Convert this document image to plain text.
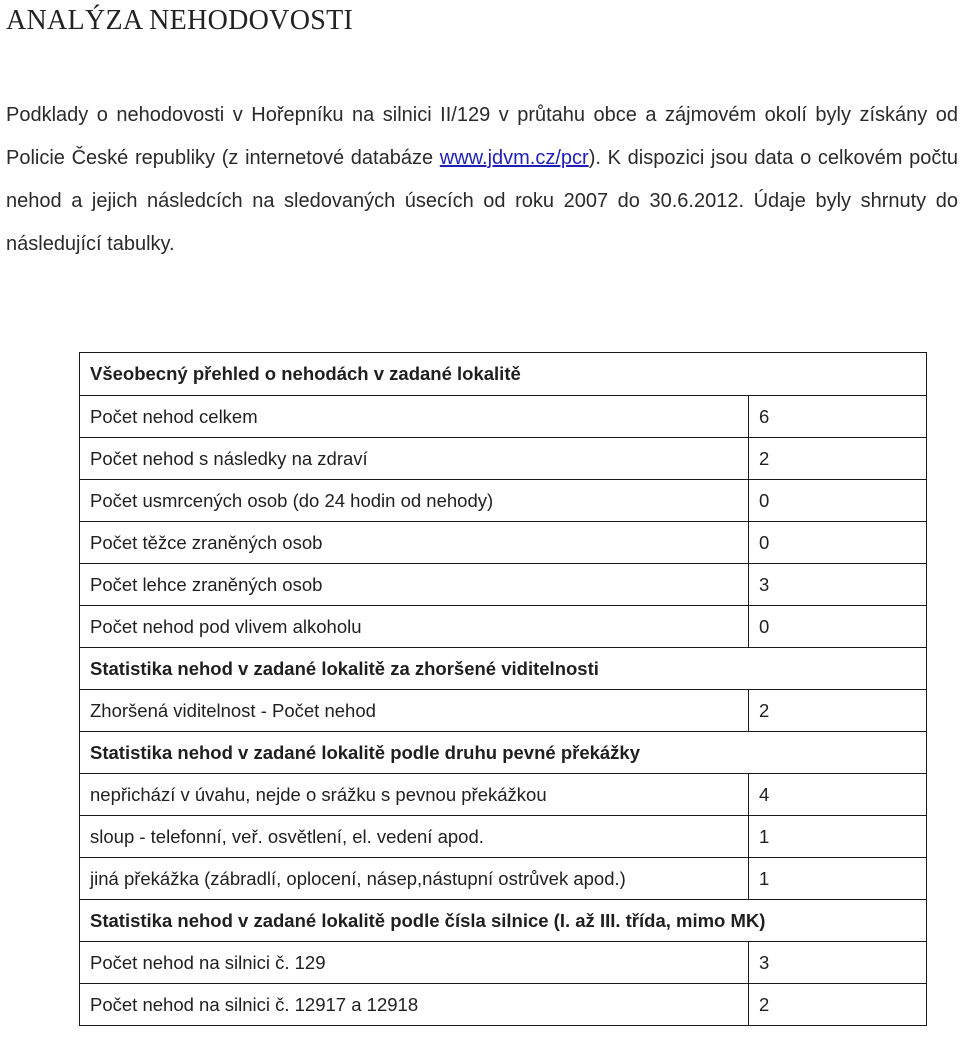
ANALÝZA NEHODOVOSTI

Podklady o nehodovosti v Hořepníku na silnici II/129 v průtahu obce a zájmovém okolí byly získány od Policie České republiky (z internetové databáze www.jdvm.cz/pcr). K dispozici jsou data o celkovém počtu nehod a jejich následcích na sledovaných úsecích od roku 2007 do 30.6.2012. Údaje byly shrnuty do následující tabulky.

Všeobecný přehled o nehodách v zadané lokalitě	
Počet nehod celkem	6
Počet nehod s následky na zdraví	2
Počet usmrcených osob (do 24 hodin od nehody)	0
Počet těžce zraněných osob	0
Počet lehce zraněných osob	3
Počet nehod pod vlivem alkoholu	0
Statistika nehod v zadané lokalitě za zhoršené viditelnosti	
Zhoršená viditelnost - Počet nehod	2
Statistika nehod v zadané lokalitě podle druhu pevné překážky	
nepřichází v úvahu, nejde o srážku s pevnou překážkou	4
sloup - telefonní, veř. osvětlení, el. vedení apod.	1
jiná překážka (zábradlí, oplocení, násep,nástupní ostrůvek apod.)	1
Statistika nehod v zadané lokalitě podle čísla silnice (I. až III. třída, mimo MK)	
Počet nehod na silnici č. 129	3
Počet nehod na silnici č. 12917 a 12918	2
